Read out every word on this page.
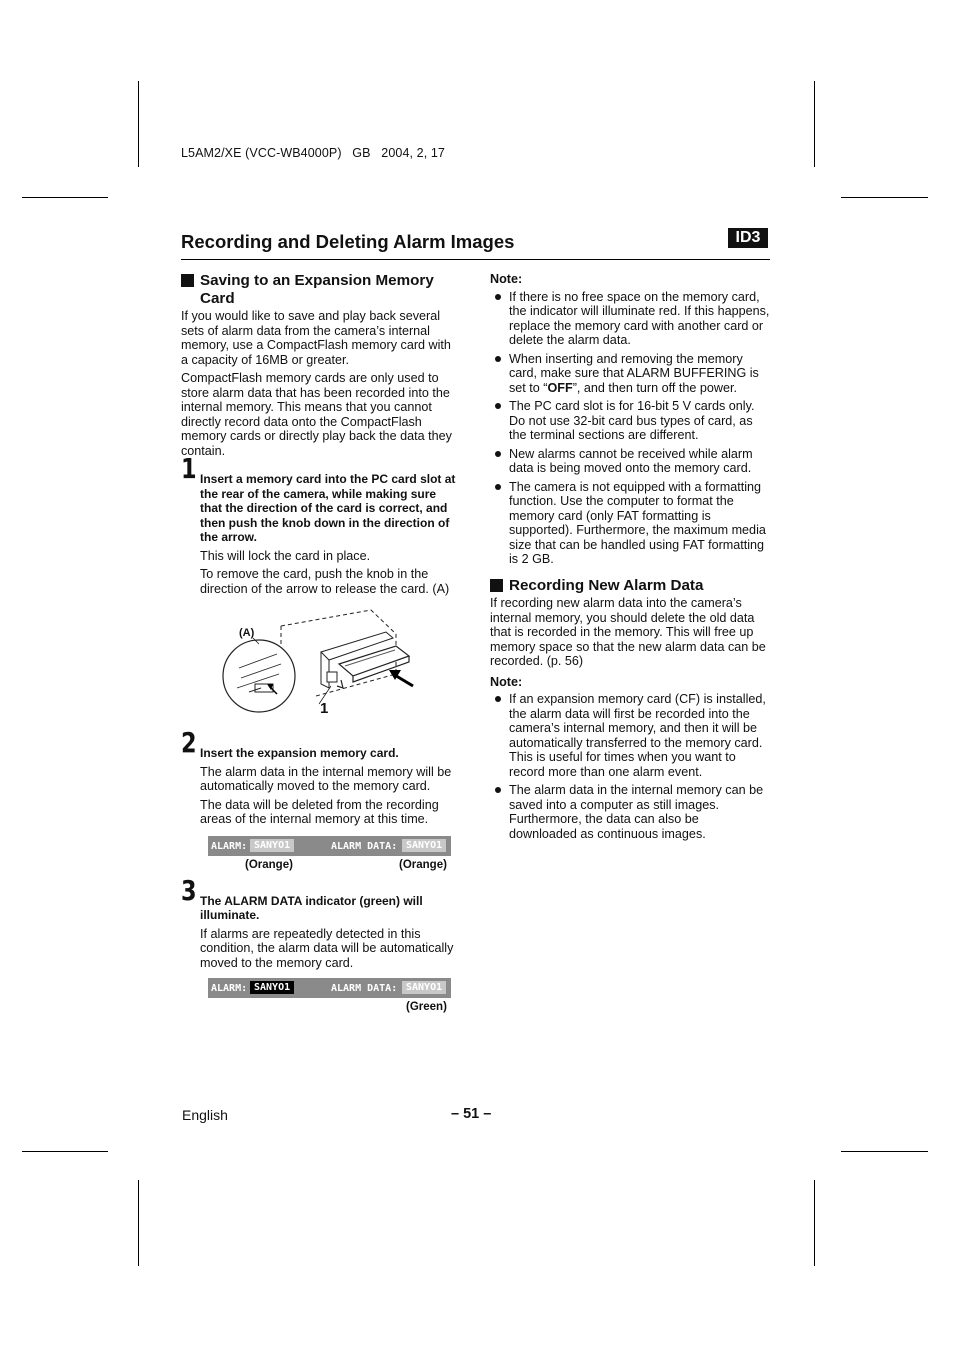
L5AM2/XE (VCC-WB4000P)   GB   2004, 2, 17
Recording and Deleting Alarm Images	ID3
Saving to an Expansion Memory Card

If you would like to save and play back several sets of alarm data from the camera’s internal memory, use a CompactFlash memory card with a capacity of 16MB or greater.

CompactFlash memory cards are only used to store alarm data that has been recorded into the internal memory. This means that you cannot directly record data onto the CompactFlash memory cards or directly play back the data they contain.

1 Insert a memory card into the PC card slot at the rear of the camera, while making sure that the direction of the card is correct, and then push the knob down in the direction of the arrow.

This will lock the card in place.

To remove the card, push the knob in the direction of the arrow to release the card. (A)

(A)
1
2 Insert the expansion memory card.

The alarm data in the internal memory will be automatically moved to the memory card.

The data will be deleted from the recording areas of the internal memory at this time.

ALARM: SANYO1	ALARM DATA: SANYO1
(Orange)	(Orange)
3 The ALARM DATA indicator (green) will illuminate.

If alarms are repeatedly detected in this condition, the alarm data will be automatically moved to the memory card.

ALARM: SANYO1	ALARM DATA: SANYO1
(Green)

Note:

If there is no free space on the memory card, the indicator will illuminate red. If this happens, replace the memory card with another card or delete the alarm data.
When inserting and removing the memory card, make sure that ALARM BUFFERING is set to “OFF”, and then turn off the power.
The PC card slot is for 16-bit 5 V cards only. Do not use 32-bit card bus types of card, as the terminal sections are different.
New alarms cannot be received while alarm data is being moved onto the memory card.
The camera is not equipped with a formatting function. Use the computer to format the memory card (only FAT formatting is supported). Furthermore, the maximum media size that can be handled using FAT formatting is 2 GB.
Recording New Alarm Data

If recording new alarm data into the camera’s internal memory, you should delete the old data that is recorded in the memory. This will free up memory space so that the new alarm data can be recorded. (p. 56)

Note:

If an expansion memory card (CF) is installed, the alarm data will first be recorded into the camera’s internal memory, and then it will be automatically transferred to the memory card. This is useful for times when you want to record more than one alarm event.
The alarm data in the internal memory can be saved into a computer as still images. Furthermore, the data can also be downloaded as continuous images.
English	– 51 –
